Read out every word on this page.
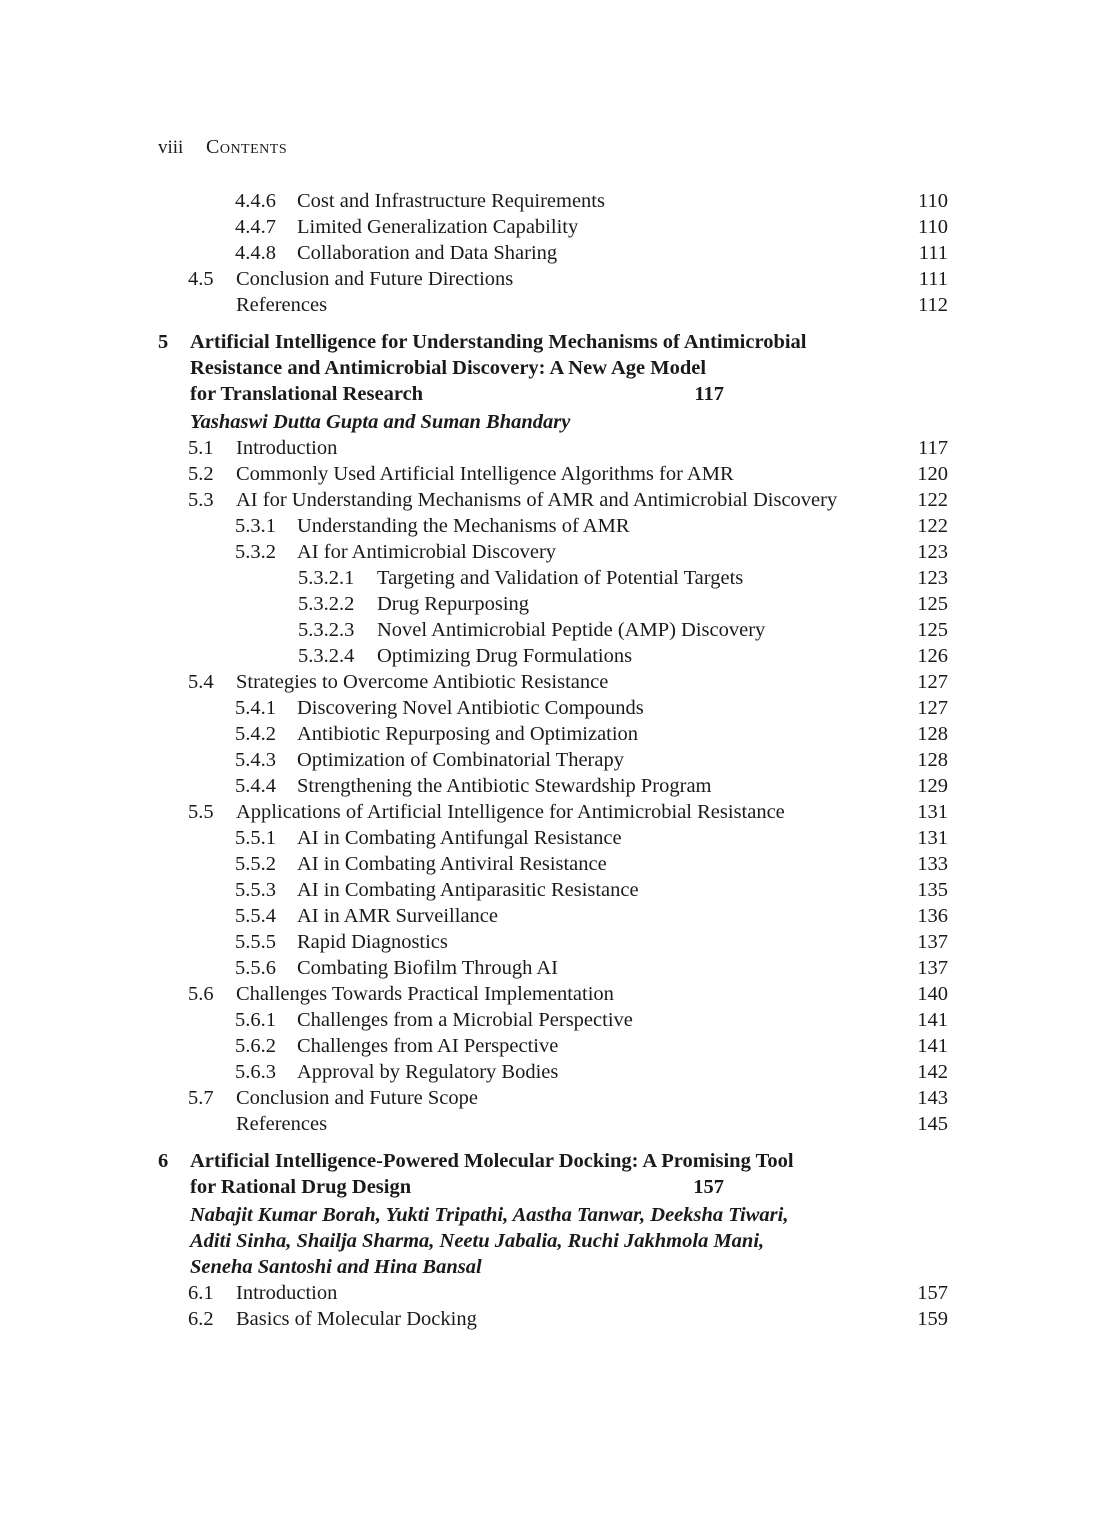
viii Contents
4.4.6 Cost and Infrastructure Requirements	110
4.4.7 Limited Generalization Capability	110
4.4.8 Collaboration and Data Sharing	111
4.5 Conclusion and Future Directions	111
References	112
5 Artificial Intelligence for Understanding Mechanisms of Antimicrobial
Resistance and Antimicrobial Discovery: A New Age Model
for Translational Research	117
Yashaswi Dutta Gupta and Suman Bhandary
5.1 Introduction	117
5.2 Commonly Used Artificial Intelligence Algorithms for AMR	120
5.3 AI for Understanding Mechanisms of AMR and Antimicrobial Discovery	122
5.3.1 Understanding the Mechanisms of AMR	122
5.3.2 AI for Antimicrobial Discovery	123
5.3.2.1 Targeting and Validation of Potential Targets	123
5.3.2.2 Drug Repurposing	125
5.3.2.3 Novel Antimicrobial Peptide (AMP) Discovery	125
5.3.2.4 Optimizing Drug Formulations	126
5.4 Strategies to Overcome Antibiotic Resistance	127
5.4.1 Discovering Novel Antibiotic Compounds	127
5.4.2 Antibiotic Repurposing and Optimization	128
5.4.3 Optimization of Combinatorial Therapy	128
5.4.4 Strengthening the Antibiotic Stewardship Program	129
5.5 Applications of Artificial Intelligence for Antimicrobial Resistance	131
5.5.1 AI in Combating Antifungal Resistance	131
5.5.2 AI in Combating Antiviral Resistance	133
5.5.3 AI in Combating Antiparasitic Resistance	135
5.5.4 AI in AMR Surveillance	136
5.5.5 Rapid Diagnostics	137
5.5.6 Combating Biofilm Through AI	137
5.6 Challenges Towards Practical Implementation	140
5.6.1 Challenges from a Microbial Perspective	141
5.6.2 Challenges from AI Perspective	141
5.6.3 Approval by Regulatory Bodies	142
5.7 Conclusion and Future Scope	143
References	145
6 Artificial Intelligence-Powered Molecular Docking: A Promising Tool
for Rational Drug Design	157
Nabajit Kumar Borah, Yukti Tripathi, Aastha Tanwar, Deeksha Tiwari,
Aditi Sinha, Shailja Sharma, Neetu Jabalia, Ruchi Jakhmola Mani,
Seneha Santoshi and Hina Bansal
6.1 Introduction	157
6.2 Basics of Molecular Docking	159
